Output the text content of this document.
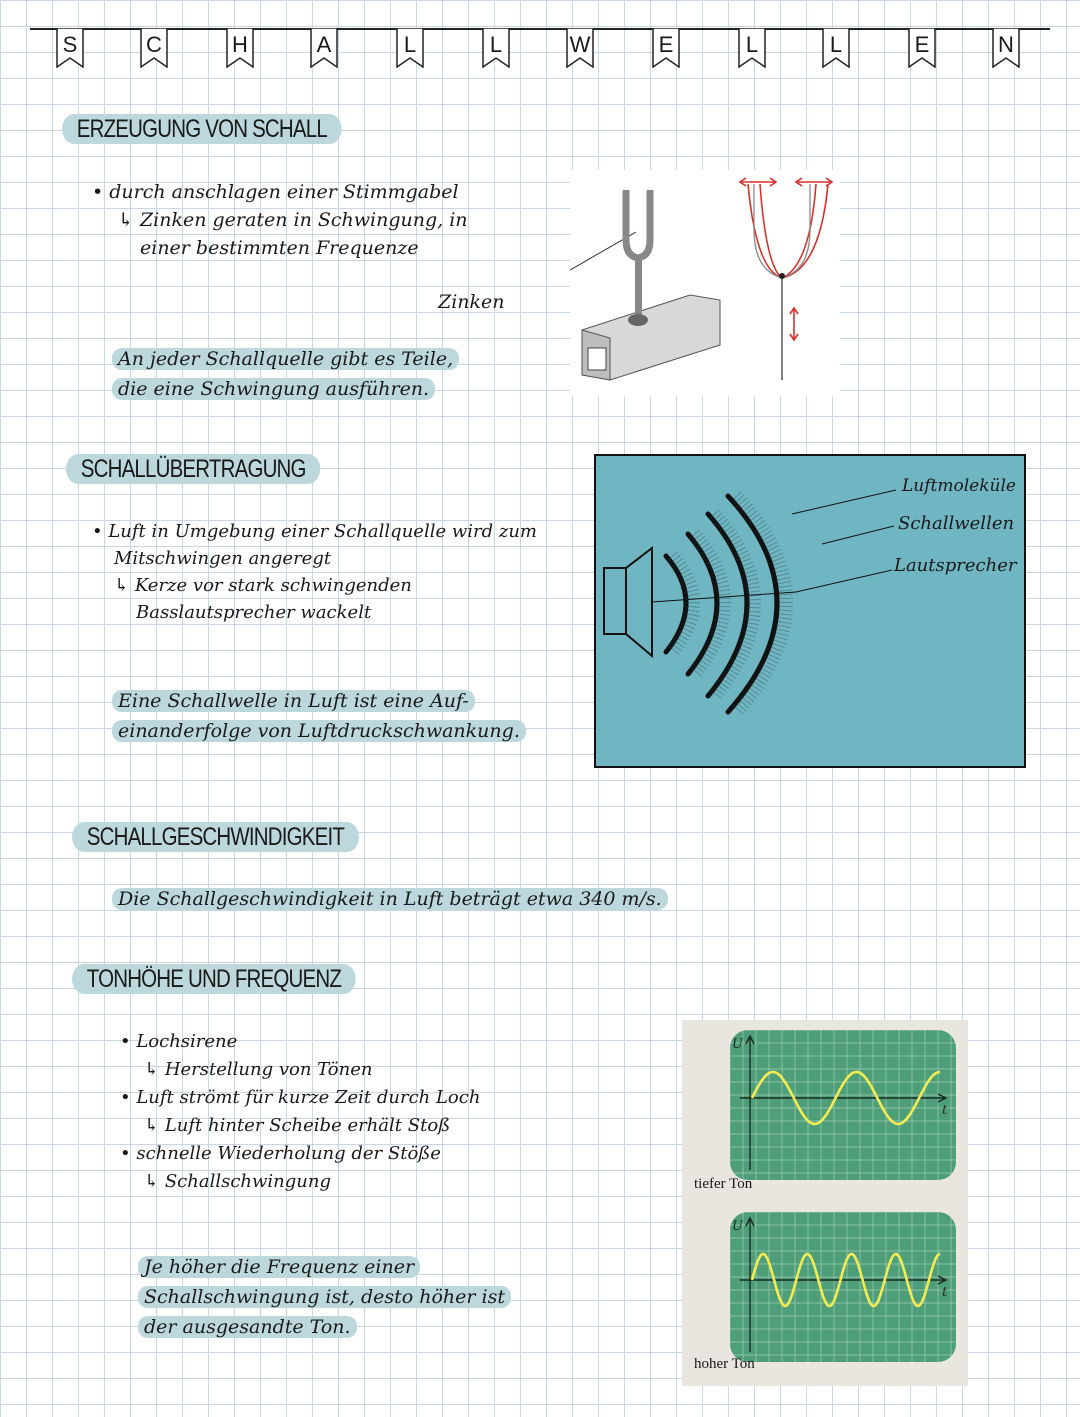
S	C	H	A	L	L	W	E	L	L	E	N
ERZEUGUNG VON SCHALL
• durch anschlagen einer Stimmgabel
↳ Zinken geraten in Schwingung, in
einer bestimmten Frequenze
Zinken
An jeder Schallquelle gibt es Teile,
die eine Schwingung ausführen.
SCHALLÜBERTRAGUNG
• Luft in Umgebung einer Schallquelle wird zum
Mitschwingen angeregt
↳ Kerze vor stark schwingenden
Basslautsprecher wackelt
Eine Schallwelle in Luft ist eine Auf-
einanderfolge von Luftdruckschwankung.
Luftmoleküle
Schallwellen
Lautsprecher
SCHALLGESCHWINDIGKEIT
Die Schallgeschwindigkeit in Luft beträgt etwa 340 m/s.
TONHÖHE UND FREQUENZ
• Lochsirene
↳ Herstellung von Tönen
• Luft strömt für kurze Zeit durch Loch
↳ Luft hinter Scheibe erhält Stoß
• schnelle Wiederholung der Stöße
↳ Schallschwingung
Je höher die Frequenz einer
Schallschwingung ist, desto höher ist
der ausgesandte Ton.
U
t
tiefer Ton
U
t
hoher Ton
